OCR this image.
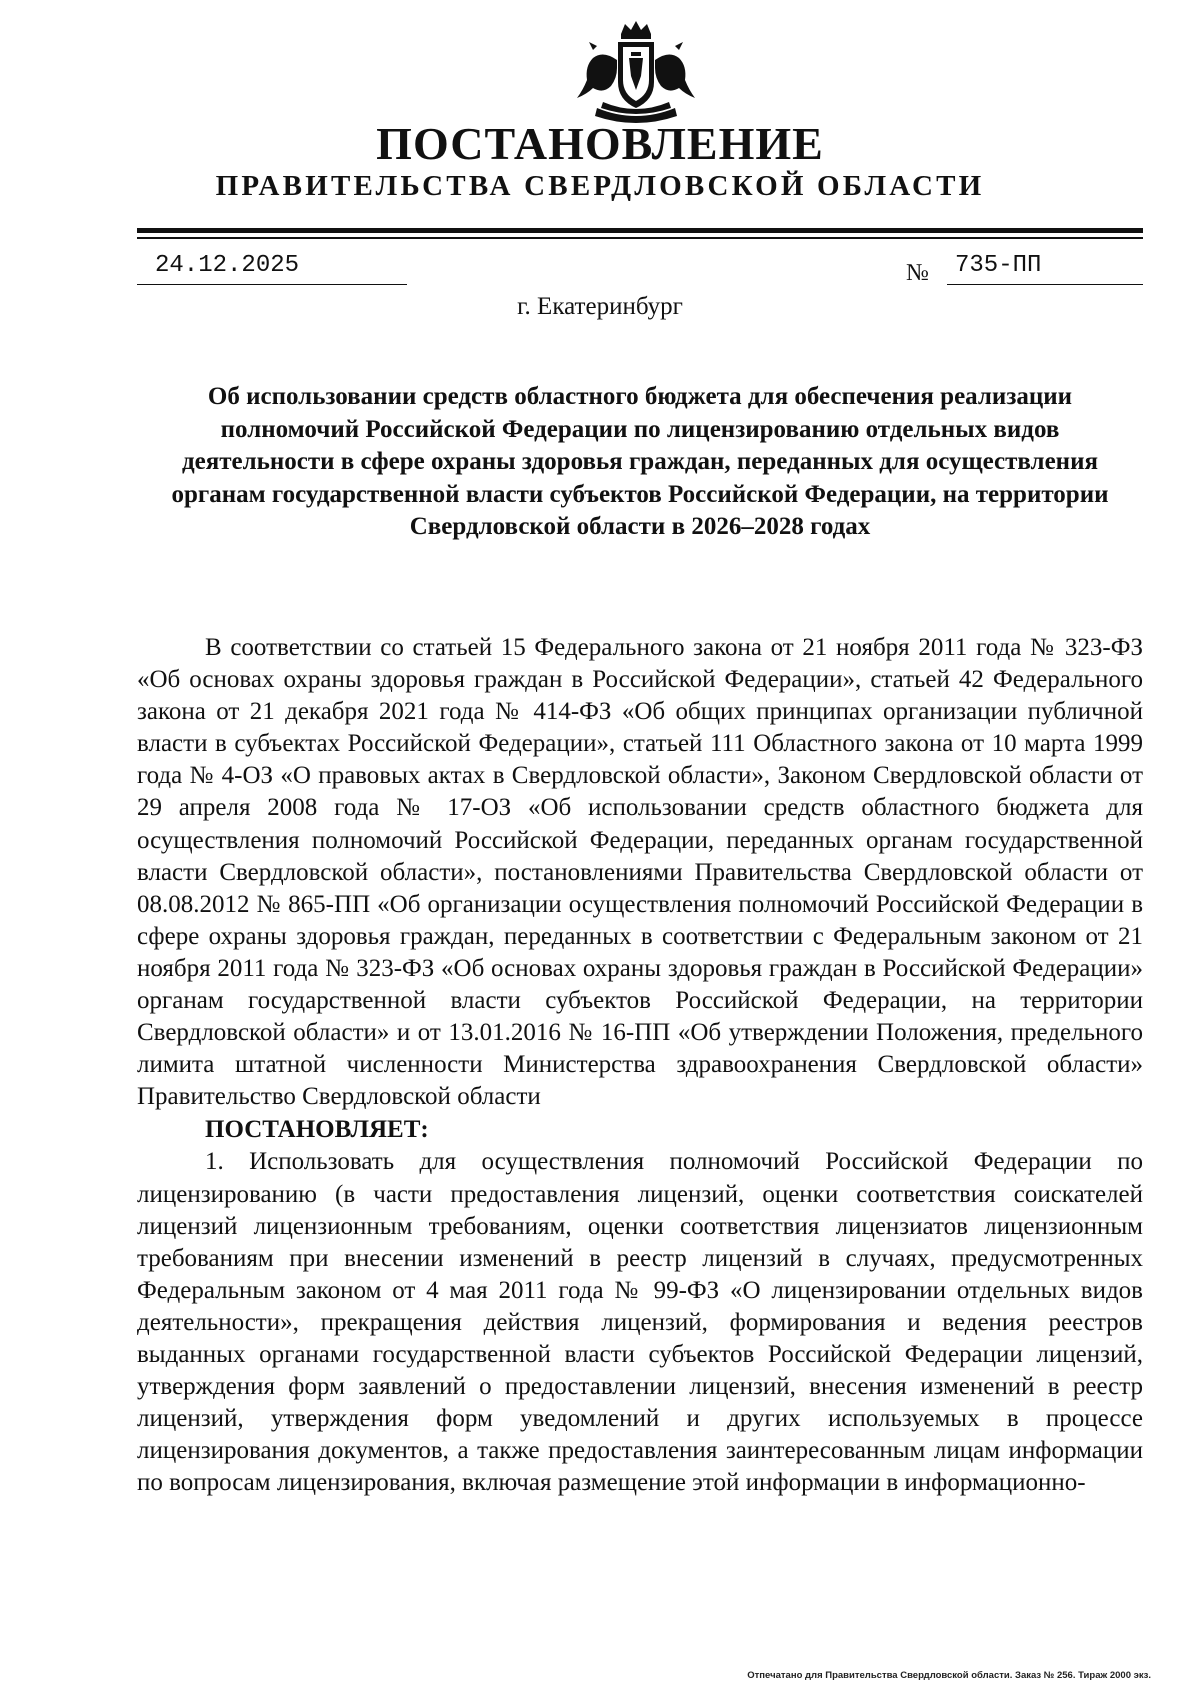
ПОСТАНОВЛЕНИЕ
ПРАВИТЕЛЬСТВА СВЕРДЛОВСКОЙ ОБЛАСТИ
24.12.2025	№	735-ПП
г. Екатеринбург
Об использовании средств областного бюджета для обеспечения реализации полномочий Российской Федерации по лицензированию отдельных видов деятельности в сфере охраны здоровья граждан, переданных для осуществления органам государственной власти субъектов Российской Федерации, на территории Свердловской области в 2026–2028 годах

В соответствии со статьей 15 Федерального закона от 21 ноября 2011 года № 323-ФЗ «Об основах охраны здоровья граждан в Российской Федерации», статьей 42 Федерального закона от 21 декабря 2021 года № 414-ФЗ «Об общих принципах организации публичной власти в субъектах Российской Федерации», статьей 111 Областного закона от 10 марта 1999 года № 4-ОЗ «О правовых актах в Свердловской области», Законом Свердловской области от 29 апреля 2008 года № 17-ОЗ «Об использовании средств областного бюджета для осуществления полномочий Российской Федерации, переданных органам государственной власти Свердловской области», постановлениями Правительства Свердловской области от 08.08.2012 № 865-ПП «Об организации осуществления полномочий Российской Федерации в сфере охраны здоровья граждан, переданных в соответствии с Федеральным законом от 21 ноября 2011 года № 323-ФЗ «Об основах охраны здоровья граждан в Российской Федерации» органам государственной власти субъектов Российской Федерации, на территории Свердловской области» и от 13.01.2016 № 16-ПП «Об утверждении Положения, предельного лимита штатной численности Министерства здравоохранения Свердловской области» Правительство Свердловской области

ПОСТАНОВЛЯЕТ:

1. Использовать для осуществления полномочий Российской Федерации по лицензированию (в части предоставления лицензий, оценки соответствия соискателей лицензий лицензионным требованиям, оценки соответствия лицензиатов лицензионным требованиям при внесении изменений в реестр лицензий в случаях, предусмотренных Федеральным законом от 4 мая 2011 года № 99-ФЗ «О лицензировании отдельных видов деятельности», прекращения действия лицензий, формирования и ведения реестров выданных органами государственной власти субъектов Российской Федерации лицензий, утверждения форм заявлений о предоставлении лицензий, внесения изменений в реестр лицензий, утверждения форм уведомлений и других используемых в процессе лицензирования документов, а также предоставления заинтересованным лицам информации по вопросам лицензирования, включая размещение этой информации в информационно-

Отпечатано для Правительства Свердловской области. Заказ № 256. Тираж 2000 экз.
